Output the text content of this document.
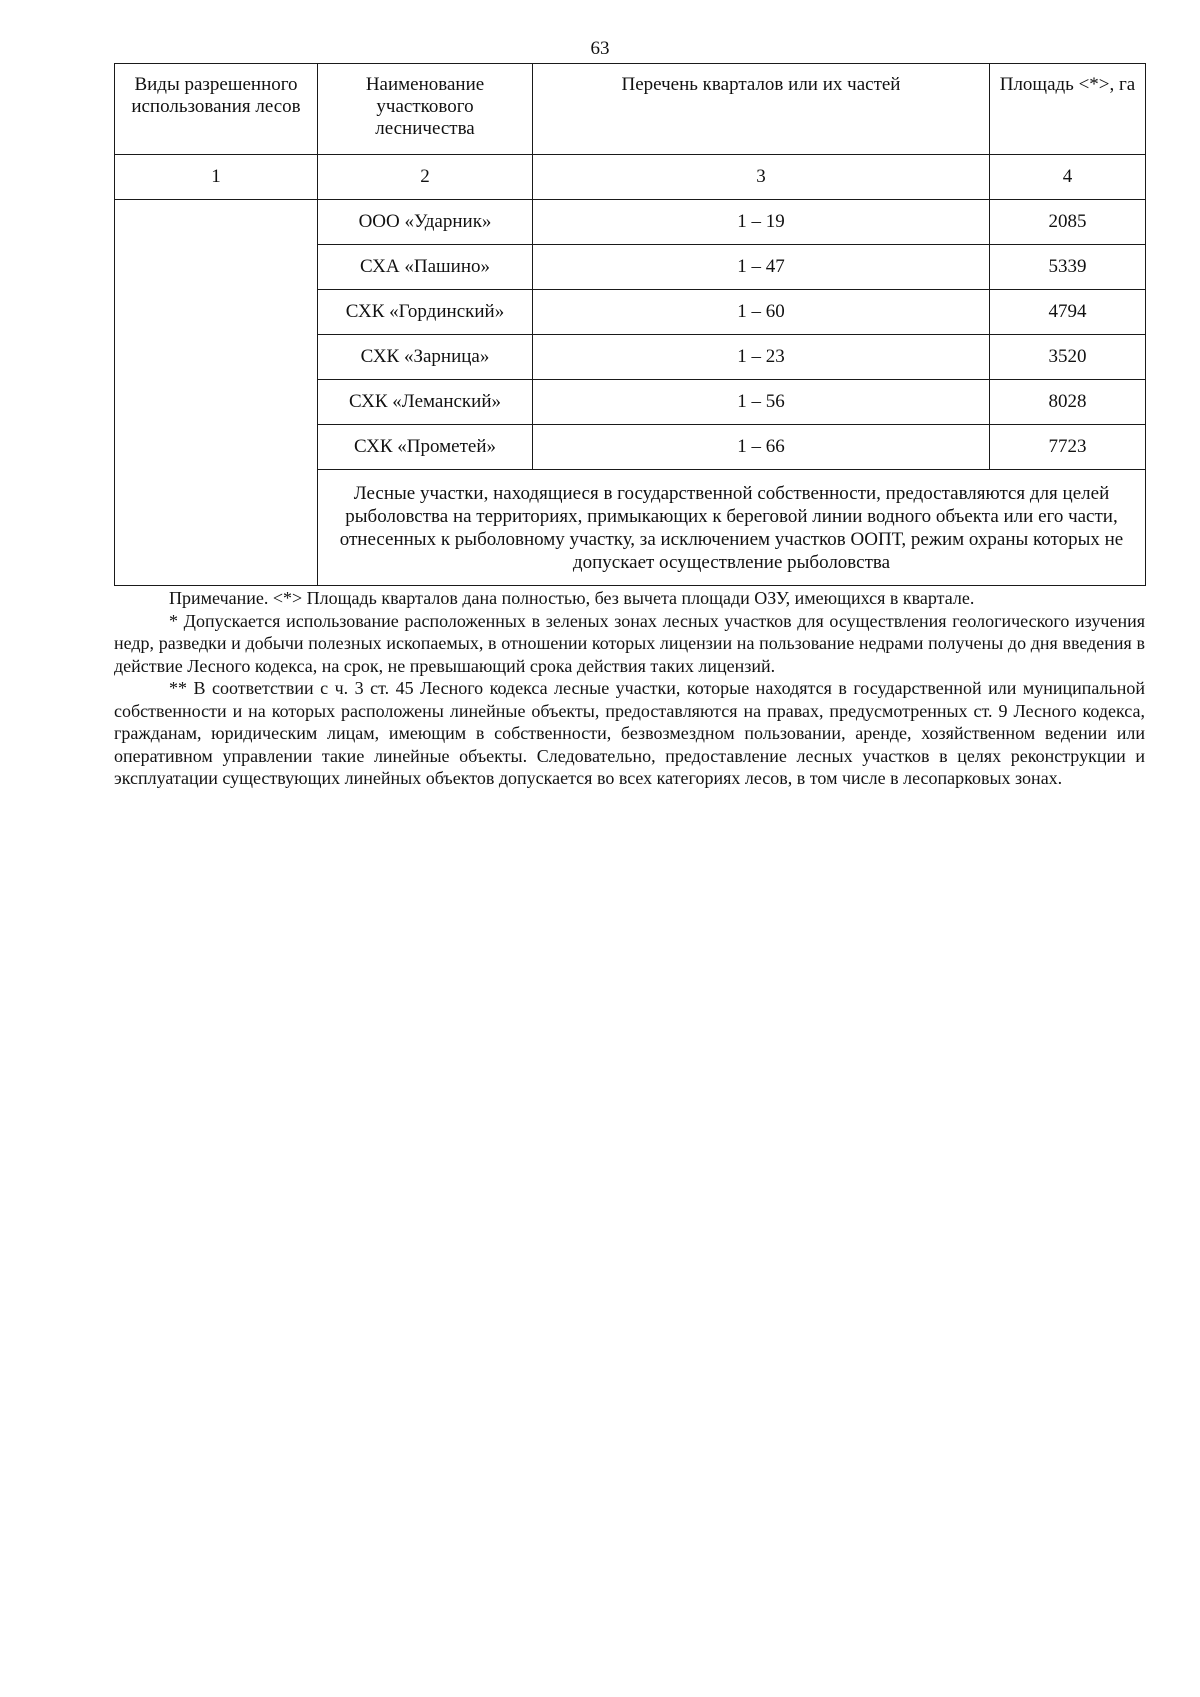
63
Виды разрешенного использования лесов	Наименование участкового лесничества	Перечень кварталов или их частей	Площадь <*>, га
1	2	3	4
	ООО «Ударник»	1 – 19	2085
	СХА «Пашино»	1 – 47	5339
	СХК «Гординский»	1 – 60	4794
	СХК «Зарница»	1 – 23	3520
	СХК «Леманский»	1 – 56	8028
	СХК «Прометей»	1 – 66	7723
	Лесные участки, находящиеся в государственной собственности, предоставляются для целей рыболовства на территориях, примыкающих к береговой линии водного объекта или его части, отнесенных к рыболовному участку, за исключением участков ООПТ, режим охраны которых не допускает осуществление рыболовства		

Примечание. <*> Площадь кварталов дана полностью, без вычета площади ОЗУ, имеющихся в квартале.

* Допускается использование расположенных в зеленых зонах лесных участков для осуществления геологического изучения недр, разведки и добычи полезных ископаемых, в отношении которых лицензии на пользование недрами получены до дня введения в действие Лесного кодекса, на срок, не превышающий срока действия таких лицензий.

** В соответствии с ч. 3 ст. 45 Лесного кодекса лесные участки, которые находятся в государственной или муниципальной собственности и на которых расположены линейные объекты, предоставляются на правах, предусмотренных ст. 9 Лесного кодекса, гражданам, юридическим лицам, имеющим в собственности, безвозмездном пользовании, аренде, хозяйственном ведении или оперативном управлении такие линейные объекты. Следовательно, предоставление лесных участков в целях реконструкции и эксплуатации существующих линейных объектов допускается во всех категориях лесов, в том числе в лесопарковых зонах.
